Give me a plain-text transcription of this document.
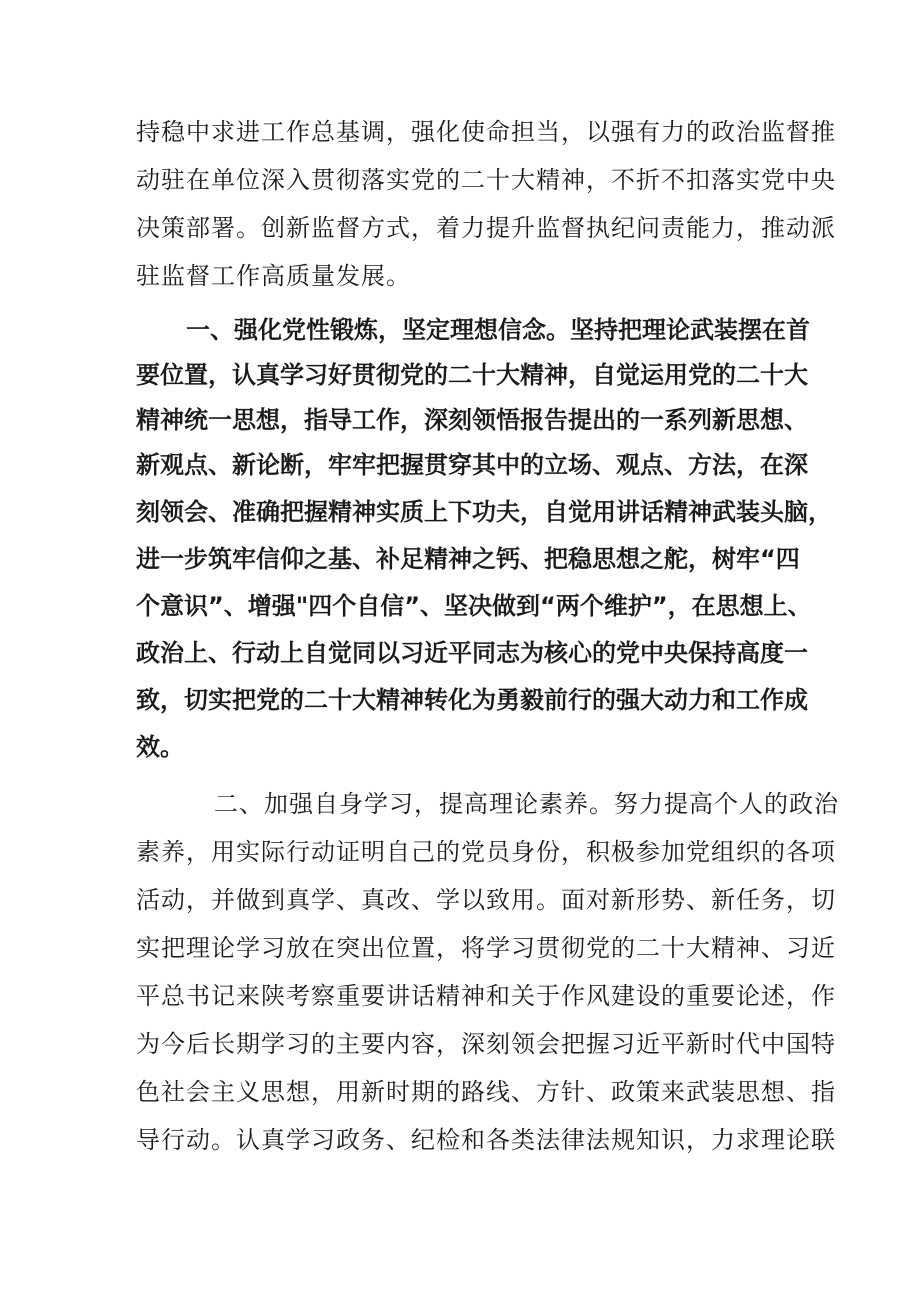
持稳中求进工作总基调，强化使命担当，以强有力的政治监督推
动驻在单位深入贯彻落实党的二十大精神，不折不扣落实党中央
决策部署。创新监督方式，着力提升监督执纪问责能力，推动派
驻监督工作高质量发展。
一、强化党性锻炼，坚定理想信念。坚持把理论武装摆在首
要位置，认真学习好贯彻党的二十大精神，自觉运用党的二十大
精神统一思想，指导工作，深刻领悟报告提出的一系列新思想、
新观点、新论断，牢牢把握贯穿其中的立场、观点、方法，在深
刻领会、准确把握精神实质上下功夫，自觉用讲话精神武装头脑，
进一步筑牢信仰之基、补足精神之钙、把稳思想之舵，树牢“四
个意识”、增强"四个自信”、坚决做到“两个维护”，在思想上、
政治上、行动上自觉同以习近平同志为核心的党中央保持高度一
致，切实把党的二十大精神转化为勇毅前行的强大动力和工作成
效。
二、加强自身学习，提高理论素养。努力提高个人的政治
素养，用实际行动证明自己的党员身份，积极参加党组织的各项
活动，并做到真学、真改、学以致用。面对新形势、新任务，切
实把理论学习放在突出位置，将学习贯彻党的二十大精神、习近
平总书记来陕考察重要讲话精神和关于作风建设的重要论述，作
为今后长期学习的主要内容，深刻领会把握习近平新时代中国特
色社会主义思想，用新时期的路线、方针、政策来武装思想、指
导行动。认真学习政务、纪检和各类法律法规知识，力求理论联
